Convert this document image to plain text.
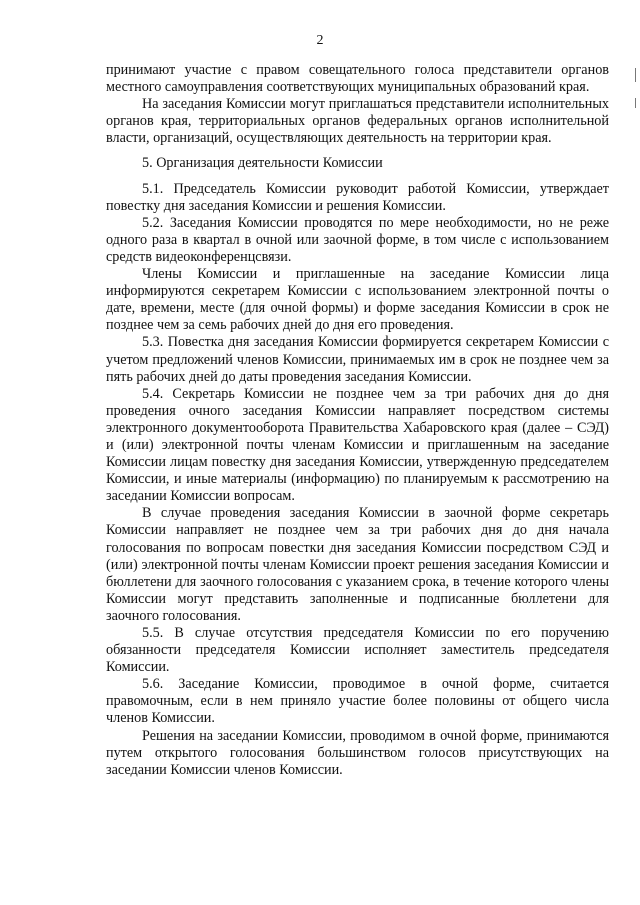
2

принимают участие с правом совещательного голоса представители органов местного самоуправления соответствующих муниципальных образований края.

На заседания Комиссии могут приглашаться представители исполнительных органов края, территориальных органов федеральных органов исполнительной власти, организаций, осуществляющих деятельность на территории края.

5. Организация деятельности Комиссии

5.1. Председатель Комиссии руководит работой Комиссии, утверждает повестку дня заседания Комиссии и решения Комиссии.

5.2. Заседания Комиссии проводятся по мере необходимости, но не реже одного раза в квартал в очной или заочной форме, в том числе с использованием средств видеоконференцсвязи.

Члены Комиссии и приглашенные на заседание Комиссии лица информируются секретарем Комиссии с использованием электронной почты о дате, времени, месте (для очной формы) и форме заседания Комиссии в срок не позднее чем за семь рабочих дней до дня его проведения.

5.3. Повестка дня заседания Комиссии формируется секретарем Комиссии с учетом предложений членов Комиссии, принимаемых им в срок не позднее чем за пять рабочих дней до даты проведения заседания Комиссии.

5.4. Секретарь Комиссии не позднее чем за три рабочих дня до дня проведения очного заседания Комиссии направляет посредством системы электронного документооборота Правительства Хабаровского края (далее – СЭД) и (или) электронной почты членам Комиссии и приглашенным на заседание Комиссии лицам повестку дня заседания Комиссии, утвержденную председателем Комиссии, и иные материалы (информацию) по планируемым к рассмотрению на заседании Комиссии вопросам.

В случае проведения заседания Комиссии в заочной форме секретарь Комиссии направляет не позднее чем за три рабочих дня до дня начала голосования по вопросам повестки дня заседания Комиссии посредством СЭД и (или) электронной почты членам Комиссии проект решения заседания Комиссии и бюллетени для заочного голосования с указанием срока, в течение которого члены Комиссии могут представить заполненные и подписанные бюллетени для заочного голосования.

5.5. В случае отсутствия председателя Комиссии по его поручению обязанности председателя Комиссии исполняет заместитель председателя Комиссии.

5.6. Заседание Комиссии, проводимое в очной форме, считается правомочным, если в нем приняло участие более половины от общего числа членов Комиссии.

Решения на заседании Комиссии, проводимом в очной форме, принимаются путем открытого голосования большинством голосов присутствующих на заседании Комиссии членов Комиссии.
